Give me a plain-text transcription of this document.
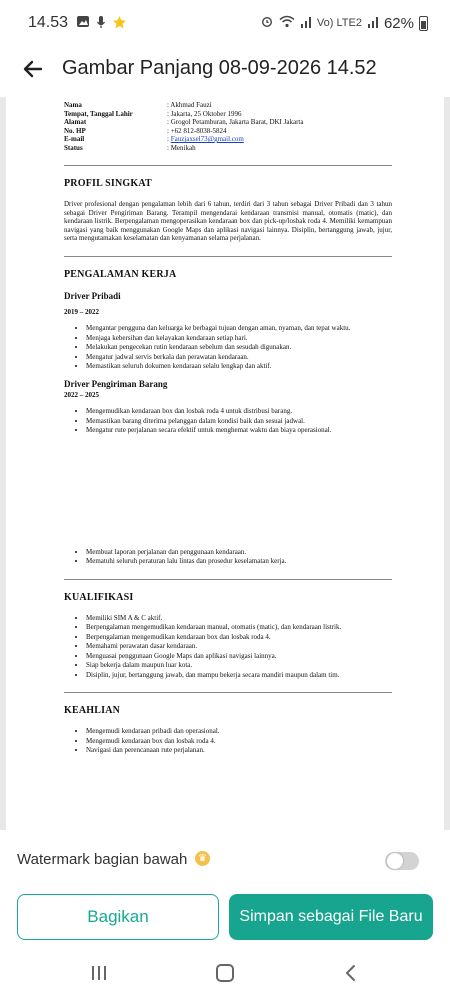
14.53	Vo) LTE2 62%
Gambar Panjang 08-09-2026 14.52
Nama	: Akhmad Fauzi
Tempat, Tanggal Lahir	: Jakarta, 25 Oktober 1996
Alamat	: Grogol Petamburan, Jakarta Barat, DKI Jakarta
No. HP	: +62 812-8038-5824
E-mail	: Fauzjaxsel73@gmail.com
Status	: Menikah
PROFIL SINGKAT

Driver profesional dengan pengalaman lebih dari 6 tahun, terdiri dari 3 tahun sebagai Driver Pribadi dan 3 tahun sebagai Driver Pengiriman Barang. Terampil mengendarai kendaraan transmisi manual, otomatis (matic), dan kendaraan listrik. Berpengalaman mengoperasikan kendaraan box dan pick-up/losbak roda 4. Memiliki kemampuan navigasi yang baik menggunakan Google Maps dan aplikasi navigasi lainnya. Disiplin, bertanggung jawab, jujur, serta mengutamakan keselamatan dan kenyamanan selama perjalanan.

PENGALAMAN KERJA
Driver Pribadi
2019 – 2022
• Mengantar pengguna dan keluarga ke berbagai tujuan dengan aman, nyaman, dan tepat waktu.
• Menjaga kebersihan dan kelayakan kendaraan setiap hari.
• Melakukan pengecekan rutin kendaraan sebelum dan sesudah digunakan.
• Mengatur jadwal servis berkala dan perawatan kendaraan.
• Memastikan seluruh dokumen kendaraan selalu lengkap dan aktif.
Driver Pengiriman Barang
2022 – 2025
• Mengemudikan kendaraan box dan losbak roda 4 untuk distribusi barang.
• Memastikan barang diterima pelanggan dalam kondisi baik dan sesuai jadwal.
• Mengatur rute perjalanan secara efektif untuk menghemat waktu dan biaya operasional.
• Membuat laporan perjalanan dan penggunaan kendaraan.
• Mematuhi seluruh peraturan lalu lintas dan prosedur keselamatan kerja.
KUALIFIKASI
• Memiliki SIM A & C aktif.
• Berpengalaman mengemudikan kendaraan manual, otomatis (matic), dan kendaraan listrik.
• Berpengalaman mengemudikan kendaraan box dan losbak roda 4.
• Memahami perawatan dasar kendaraan.
• Menguasai penggunaan Google Maps dan aplikasi navigasi lainnya.
• Siap bekerja dalam maupun luar kota.
• Disiplin, jujur, bertanggung jawab, dan mampu bekerja secara mandiri maupun dalam tim.
KEAHLIAN
• Mengemudi kendaraan pribadi dan operasional.
• Mengemudi kendaraan box dan losbak roda 4.
• Navigasi dan perencanaan rute perjalanan.
Watermark bagian bawah	♛
Bagikan	Simpan sebagai File Baru
